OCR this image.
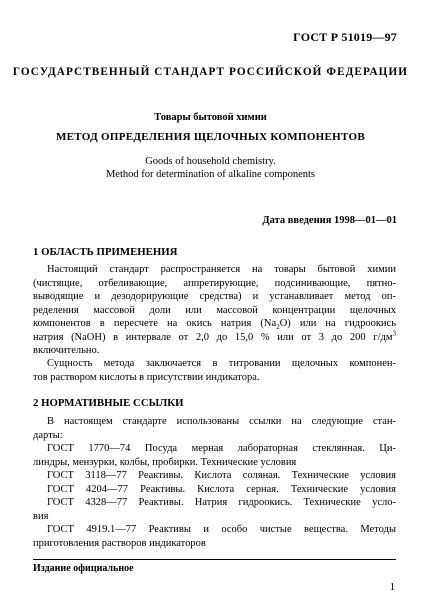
ГОСТ Р 51019—97
ГОСУДАРСТВЕННЫЙ СТАНДАРТ РОССИЙСКОЙ ФЕДЕРАЦИИ
Товары бытовой химии
МЕТОД ОПРЕДЕЛЕНИЯ ЩЕЛОЧНЫХ КОМПОНЕНТОВ
Goods of household chemistry.
Method for determination of alkaline components
Дата введения 1998—01—01
1 ОБЛАСТЬ ПРИМЕНЕНИЯ
Настоящий стандарт распространяется на товары бытовой химии
(чистящие, отбеливающие, аппретирующие, подсинивающие, пятно-
выводящие и дезодорирующие средства) и устанавливает метод оп-
ределения массовой доли или массовой концентрации щелочных
компонентов в пересчете на окись натрия $(Na_2O)$ или на гидроокись
натрия (NaOH) в интервале от 2,0 до 15,0 % или от 3 до 200 $г/дм^3$
включительно.
Сущность метода заключается в титровании щелочных компонен-
тов раствором кислоты в присутствии индикатора.
2 НОРМАТИВНЫЕ ССЫЛКИ
В настоящем стандарте использованы ссылки на следующие стан-
дарты:
ГОСТ 1770—74 Посуда мерная лабораторная стеклянная. Ци-
линдры, мензурки, колбы, пробирки. Технические условия
ГОСТ 3118—77 Реактивы. Кислота соляная. Технические условия
ГОСТ 4204—77 Реактивы. Кислота серная. Технические условия
ГОСТ 4328—77 Реактивы. Натрия гидроокись. Технические усло-
вия
ГОСТ 4919.1—77 Реактивы и особо чистые вещества. Методы
приготовления растворов индикаторов
Издание официальное
1
